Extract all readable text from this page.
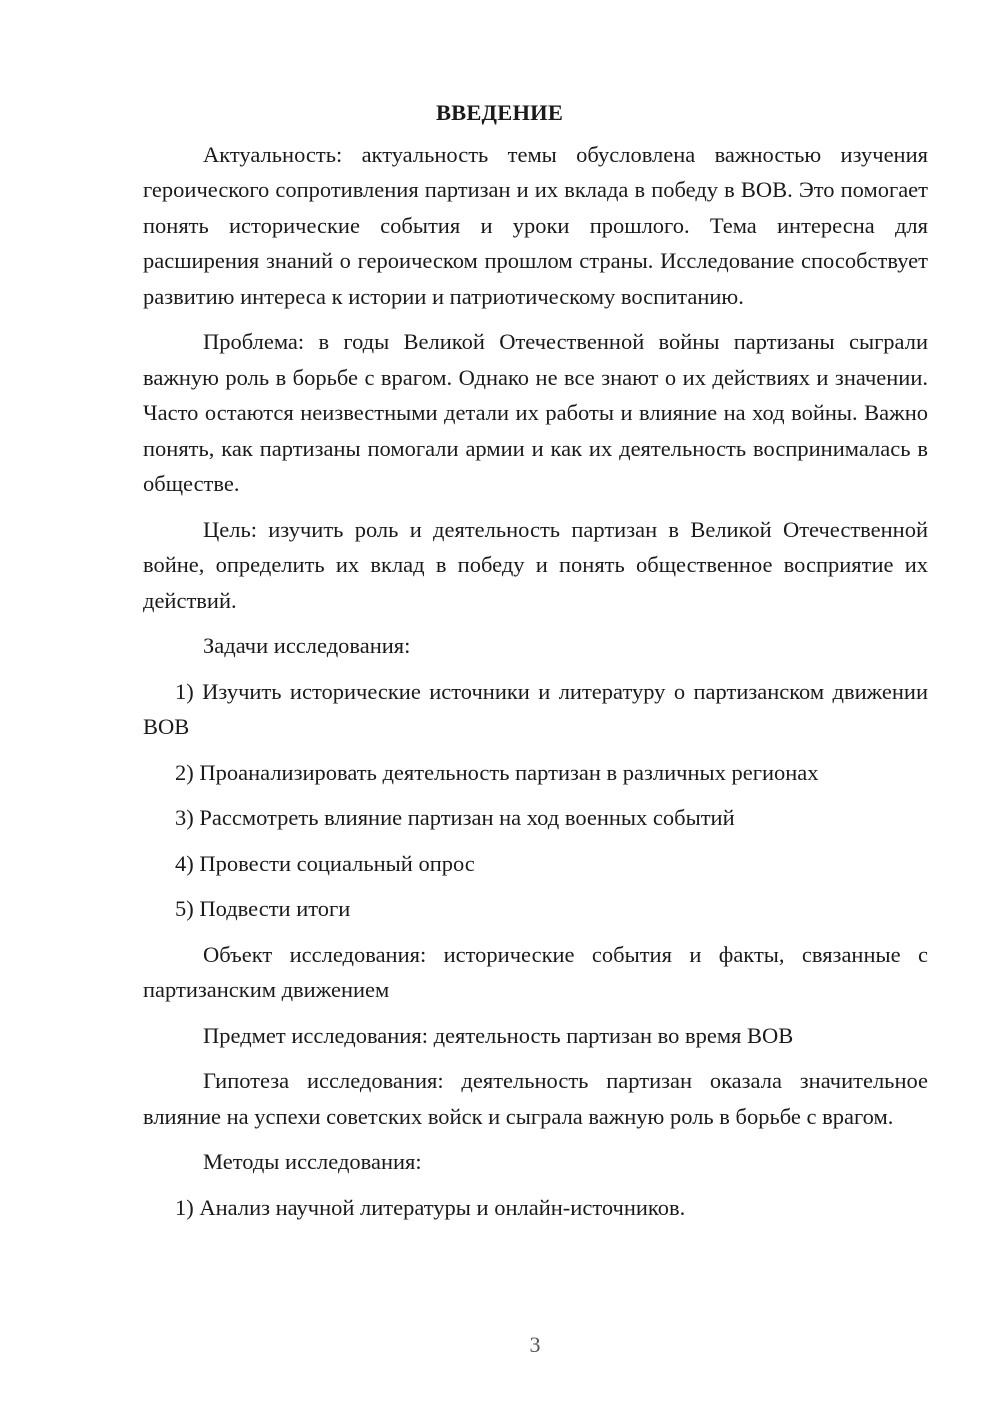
ВВЕДЕНИЕ

Актуальность: актуальность темы обусловлена важностью изучения героического сопротивления партизан и их вклада в победу в ВОВ. Это помогает понять исторические события и уроки прошлого. Тема интересна для расширения знаний о героическом прошлом страны. Исследование способствует развитию интереса к истории и патриотическому воспитанию.

Проблема: в годы Великой Отечественной войны партизаны сыграли важную роль в борьбе с врагом. Однако не все знают о их действиях и значении. Часто остаются неизвестными детали их работы и влияние на ход войны. Важно понять, как партизаны помогали армии и как их деятельность воспринималась в обществе.

Цель: изучить роль и деятельность партизан в Великой Отечественной войне, определить их вклад в победу и понять общественное восприятие их действий.

Задачи исследования:

1) Изучить исторические источники и литературу о партизанском движении ВОВ

2) Проанализировать деятельность партизан в различных регионах

3) Рассмотреть влияние партизан на ход военных событий

4) Провести социальный опрос

5) Подвести итоги

Объект исследования: исторические события и факты, связанные с партизанским движением

Предмет исследования: деятельность партизан во время ВОВ

Гипотеза исследования: деятельность партизан оказала значительное влияние на успехи советских войск и сыграла важную роль в борьбе с врагом.

Методы исследования:

1) Анализ научной литературы и онлайн-источников.

3
